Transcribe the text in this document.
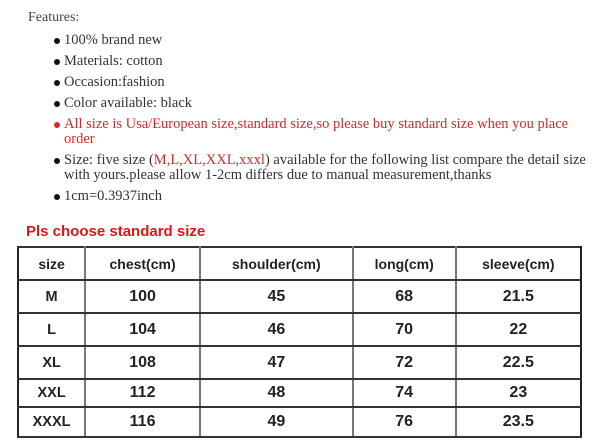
Features:
100% brand new
Materials: cotton
Occasion:fashion
Color available: black
All size is Usa/European size,standard size,so please buy standard size when you place order
Size: five size (M,L,XL,XXL,xxxl) available for the following list compare the detail size with yours.please allow 1-2cm differs due to manual measurement,thanks
1cm=0.3937inch
Pls choose standard size
size	chest(cm)	shoulder(cm)	long(cm)	sleeve(cm)
M	100	45	68	21.5
L	104	46	70	22
XL	108	47	72	22.5
XXL	112	48	74	23
XXXL	116	49	76	23.5
